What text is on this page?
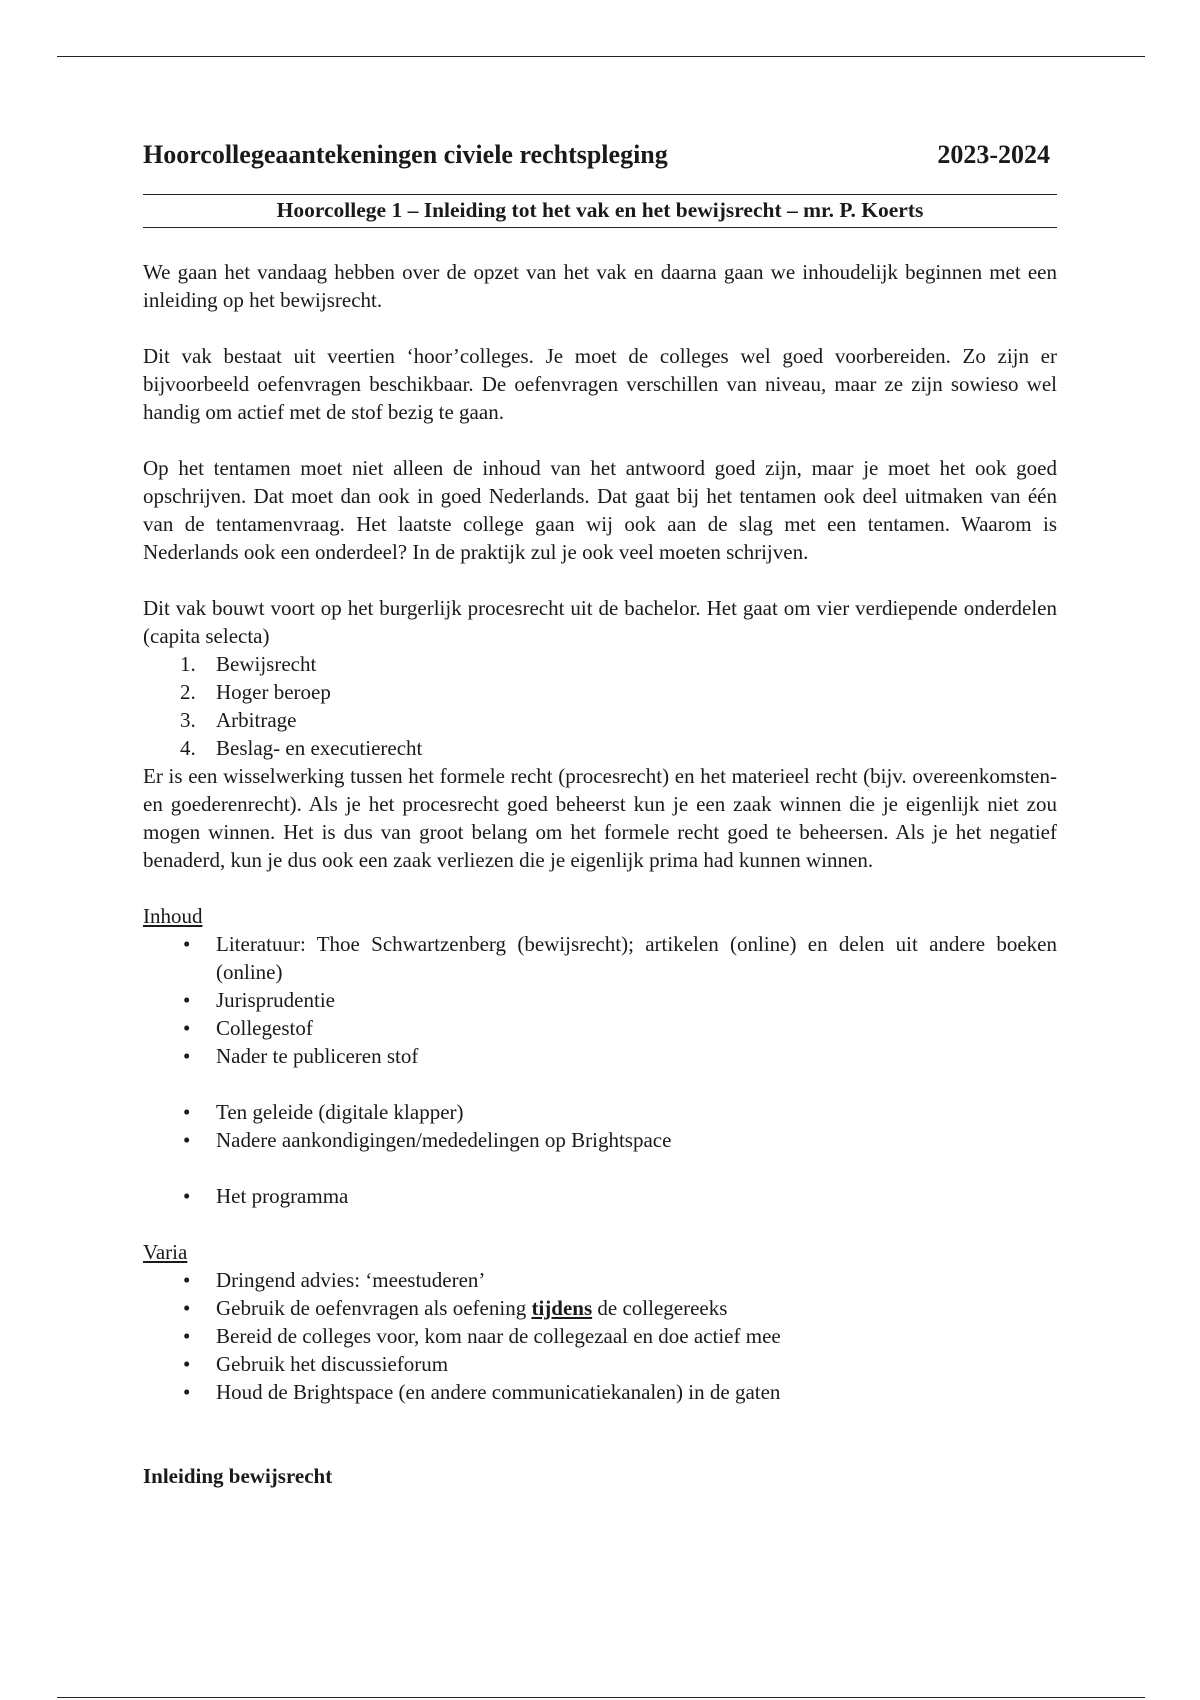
Hoorcollegeaantekeningen civiele rechtspleging	2023-2024
Hoorcollege 1 – Inleiding tot het vak en het bewijsrecht – mr. P. Koerts

We gaan het vandaag hebben over de opzet van het vak en daarna gaan we inhoudelijk beginnen met een inleiding op het bewijsrecht.

Dit vak bestaat uit veertien ‘hoor’colleges. Je moet de colleges wel goed voorbereiden. Zo zijn er bijvoorbeeld oefenvragen beschikbaar. De oefenvragen verschillen van niveau, maar ze zijn sowieso wel handig om actief met de stof bezig te gaan.

Op het tentamen moet niet alleen de inhoud van het antwoord goed zijn, maar je moet het ook goed opschrijven. Dat moet dan ook in goed Nederlands. Dat gaat bij het tentamen ook deel uitmaken van één van de tentamenvraag. Het laatste college gaan wij ook aan de slag met een tentamen. Waarom is Nederlands ook een onderdeel? In de praktijk zul je ook veel moeten schrijven.

Dit vak bouwt voort op het burgerlijk procesrecht uit de bachelor. Het gaat om vier verdiepende onderdelen (capita selecta)

1. Bewijsrecht
2. Hoger beroep
3. Arbitrage
4. Beslag- en executierecht

Er is een wisselwerking tussen het formele recht (procesrecht) en het materieel recht (bijv. overeenkomsten- en goederenrecht). Als je het procesrecht goed beheerst kun je een zaak winnen die je eigenlijk niet zou mogen winnen. Het is dus van groot belang om het formele recht goed te beheersen. Als je het negatief benaderd, kun je dus ook een zaak verliezen die je eigenlijk prima had kunnen winnen.

Inhoud
• Literatuur: Thoe Schwartzenberg (bewijsrecht); artikelen (online) en delen uit andere boeken (online)
• Jurisprudentie
• Collegestof
• Nader te publiceren stof
• Ten geleide (digitale klapper)
• Nadere aankondigingen/mededelingen op Brightspace
• Het programma
Varia
• Dringend advies: ‘meestuderen’
• Gebruik de oefenvragen als oefening tijdens de collegereeks
• Bereid de colleges voor, kom naar de collegezaal en doe actief mee
• Gebruik het discussieforum
• Houd de Brightspace (en andere communicatiekanalen) in de gaten
Inleiding bewijsrecht
